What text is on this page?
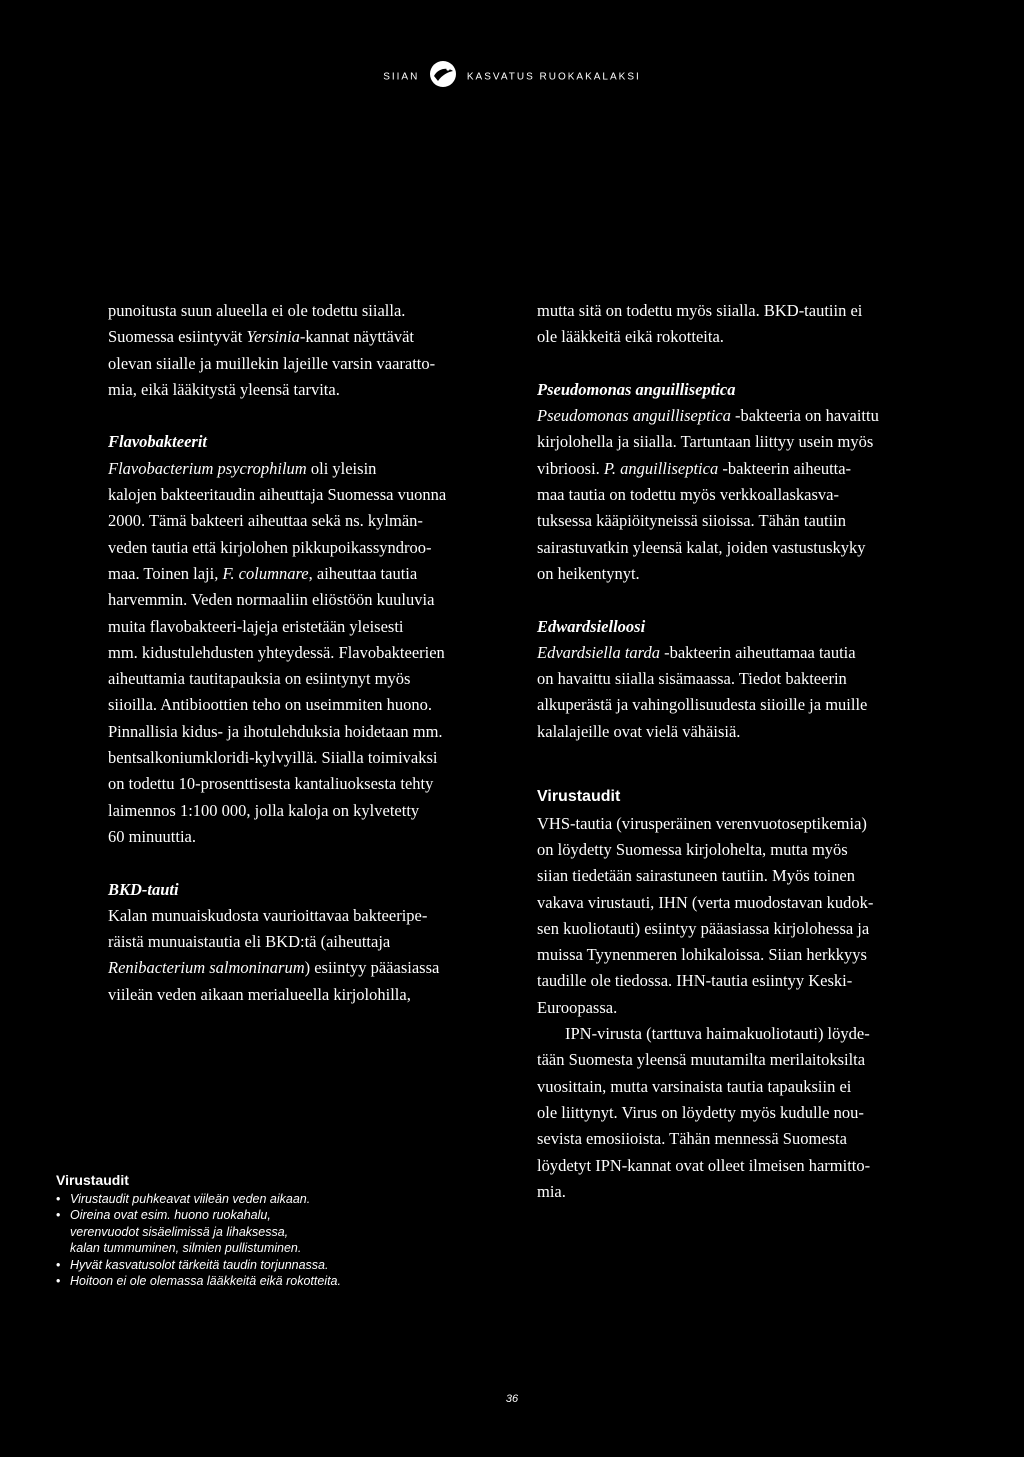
SIIAN	KASVATUS RUOKAKALAKSI

punoitusta suun alueella ei ole todettu siialla.

Suomessa esiintyvät Yersinia-kannat näyttävät

olevan siialle ja muillekin lajeille varsin vaaratto-

mia, eikä lääkitystä yleensä tarvita.

Flavobakteerit

Flavobacterium psycrophilum oli yleisin

kalojen bakteeritaudin aiheuttaja Suomessa vuonna

2000. Tämä bakteeri aiheuttaa sekä ns. kylmän-

veden tautia että kirjolohen pikkupoikassyndroo-

maa. Toinen laji, F. columnare, aiheuttaa tautia

harvemmin. Veden normaaliin eliöstöön kuuluvia

muita flavobakteeri-lajeja eristetään yleisesti

mm. kidustulehdusten yhteydessä. Flavobakteerien

aiheuttamia tautitapauksia on esiintynyt myös

siioilla. Antibioottien teho on useimmiten huono.

Pinnallisia kidus- ja ihotulehduksia hoidetaan mm.

bentsalkoniumkloridi-kylvyillä. Siialla toimivaksi

on todettu 10-prosenttisesta kantaliuoksesta tehty

laimennos 1:100 000, jolla kaloja on kylvetetty

60 minuuttia.

BKD-tauti

Kalan munuaiskudosta vaurioittavaa bakteeripe-

räistä munuaistautia eli BKD:tä (aiheuttaja

Renibacterium salmoninarum) esiintyy pääasiassa

viileän veden aikaan merialueella kirjolohilla,

mutta sitä on todettu myös siialla. BKD-tautiin ei

ole lääkkeitä eikä rokotteita.

Pseudomonas anguillisepticа

Pseudomonas anguillisepticа -bakteeria on havaittu

kirjolohella ja siialla. Tartuntaan liittyy usein myös

vibrioosi. P. anguillisepticа -bakteerin aiheutta-

maa tautia on todettu myös verkkoallaskasva-

tuksessa kääpiöityneissä siioissa. Tähän tautiin

sairastuvatkin yleensä kalat, joiden vastustuskyky

on heikentynyt.

Edwardsielloosi

Edvardsiella tarda -bakteerin aiheuttamaa tautia

on havaittu siialla sisämaassa. Tiedot bakteerin

alkuperästä ja vahingollisuudesta siioille ja muille

kalalajeille ovat vielä vähäisiä.

Virustaudit

VHS-tautia (virusperäinen verenvuotoseptikemia)

on löydetty Suomessa kirjolohelta, mutta myös

siian tiedetään sairastuneen tautiin. Myös toinen

vakava virustauti, IHN (verta muodostavan kudok-

sen kuoliotauti) esiintyy pääasiassa kirjolohessa ja

muissa Tyynenmeren lohikaloissa. Siian herkkyys

taudille ole tiedossa. IHN-tautia esiintyy Keski-

Euroopassa.

IPN-virusta (tarttuva haimakuoliotauti) löyde-

tään Suomesta yleensä muutamilta merilaitoksilta

vuosittain, mutta varsinaista tautia tapauksiin ei

ole liittynyt. Virus on löydetty myös kudulle nou-

sevista emosiioista. Tähän mennessä Suomesta

löydetyt IPN-kannat ovat olleet ilmeisen harmitto-

mia.

Virustaudit
• Virustaudit puhkeavat viileän veden aikaan.
• Oireina ovat esim. huono ruokahalu,
verenvuodot sisäelimissä ja lihaksessa,
kalan tummuminen, silmien pullistuminen.
• Hyvät kasvatusolot tärkeitä taudin torjunnassa.
• Hoitoon ei ole olemassa lääkkeitä eikä rokotteita.
36
